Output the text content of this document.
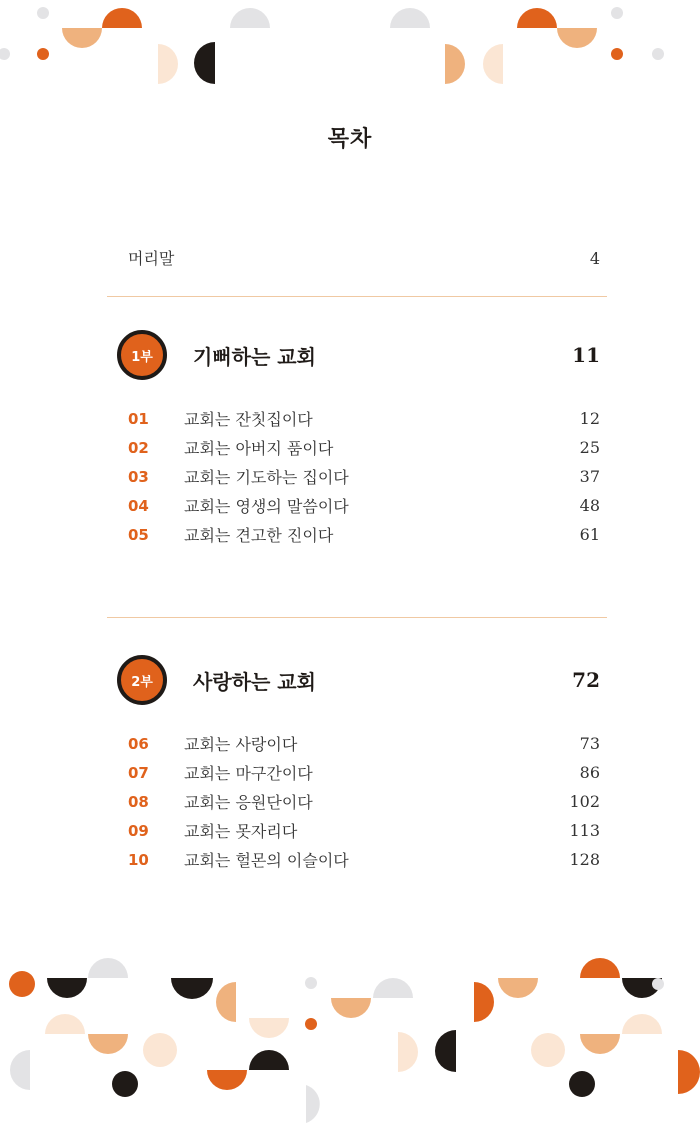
목차
머리말	4
1부	기뻐하는 교회	11
01	교회는 잔칫집이다	12
02	교회는 아버지 품이다	25
03	교회는 기도하는 집이다	37
04	교회는 영생의 말씀이다	48
05	교회는 견고한 진이다	61
2부	사랑하는 교회	72
06	교회는 사랑이다	73
07	교회는 마구간이다	86
08	교회는 응원단이다	102
09	교회는 못자리다	113
10	교회는 헐몬의 이슬이다	128
